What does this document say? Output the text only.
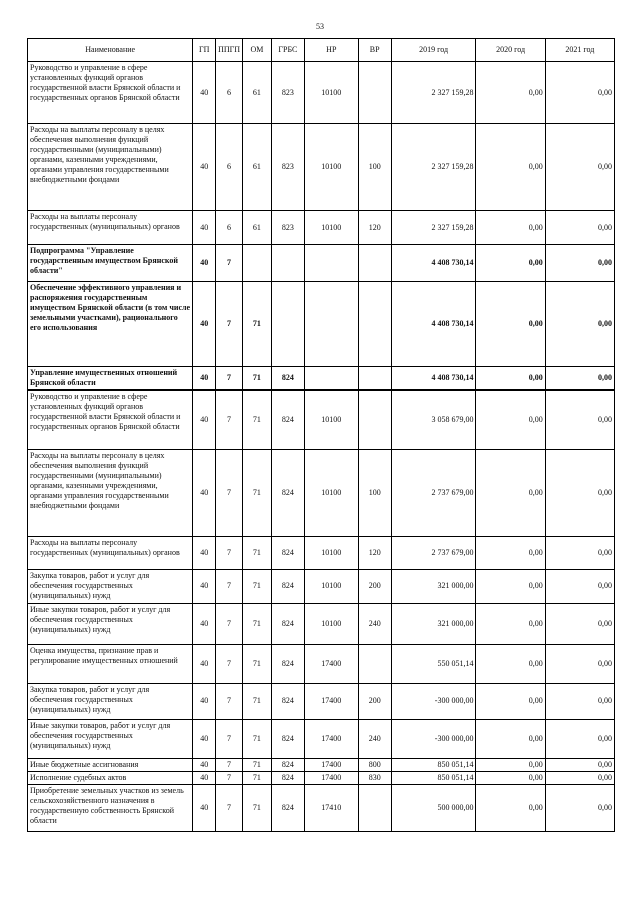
53
Наименование	ГП	ППГП	ОМ	ГРБС	НР	ВР	2019 год	2020 год	2021 год
Руководство и управление в сфере установленных функций органов государственной власти Брянской области и государственных органов Брянской области	40	6	61	823	10100		2 327 159,28	0,00	0,00
Расходы на выплаты персоналу в целях обеспечения выполнения функций государственными (муниципальными) органами, казенными учреждениями, органами управления государственными внебюджетными фондами	40	6	61	823	10100	100	2 327 159,28	0,00	0,00
Расходы на выплаты персоналу государственных (муниципальных) органов	40	6	61	823	10100	120	2 327 159,28	0,00	0,00
Подпрограмма "Управление государственным имуществом Брянской области"	40	7					4 408 730,14	0,00	0,00
Обеспечение эффективного управления и распоряжения государственным имуществом Брянской области (в том числе земельными участками), рационального его использования	40	7	71				4 408 730,14	0,00	0,00
Управление имущественных отношений Брянской области	40	7	71	824			4 408 730,14	0,00	0,00
Руководство и управление в сфере установленных функций органов государственной власти Брянской области и государственных органов Брянской области	40	7	71	824	10100		3 058 679,00	0,00	0,00
Расходы на выплаты персоналу в целях обеспечения выполнения функций государственными (муниципальными) органами, казенными учреждениями, органами управления государственными внебюджетными фондами	40	7	71	824	10100	100	2 737 679,00	0,00	0,00
Расходы на выплаты персоналу государственных (муниципальных) органов	40	7	71	824	10100	120	2 737 679,00	0,00	0,00
Закупка товаров, работ и услуг для обеспечения государственных (муниципальных) нужд	40	7	71	824	10100	200	321 000,00	0,00	0,00
Иные закупки товаров, работ и услуг для обеспечения государственных (муниципальных) нужд	40	7	71	824	10100	240	321 000,00	0,00	0,00
Оценка имущества, признание прав и регулирование имущественных отношений	40	7	71	824	17400		550 051,14	0,00	0,00
Закупка товаров, работ и услуг для обеспечения государственных (муниципальных) нужд	40	7	71	824	17400	200	-300 000,00	0,00	0,00
Иные закупки товаров, работ и услуг для обеспечения государственных (муниципальных) нужд	40	7	71	824	17400	240	-300 000,00	0,00	0,00
Иные бюджетные ассигнования	40	7	71	824	17400	800	850 051,14	0,00	0,00
Исполнение судебных актов	40	7	71	824	17400	830	850 051,14	0,00	0,00
Приобретение земельных участков из земель сельскохозяйственного назначения в государственную собственность Брянской области	40	7	71	824	17410		500 000,00	0,00	0,00
